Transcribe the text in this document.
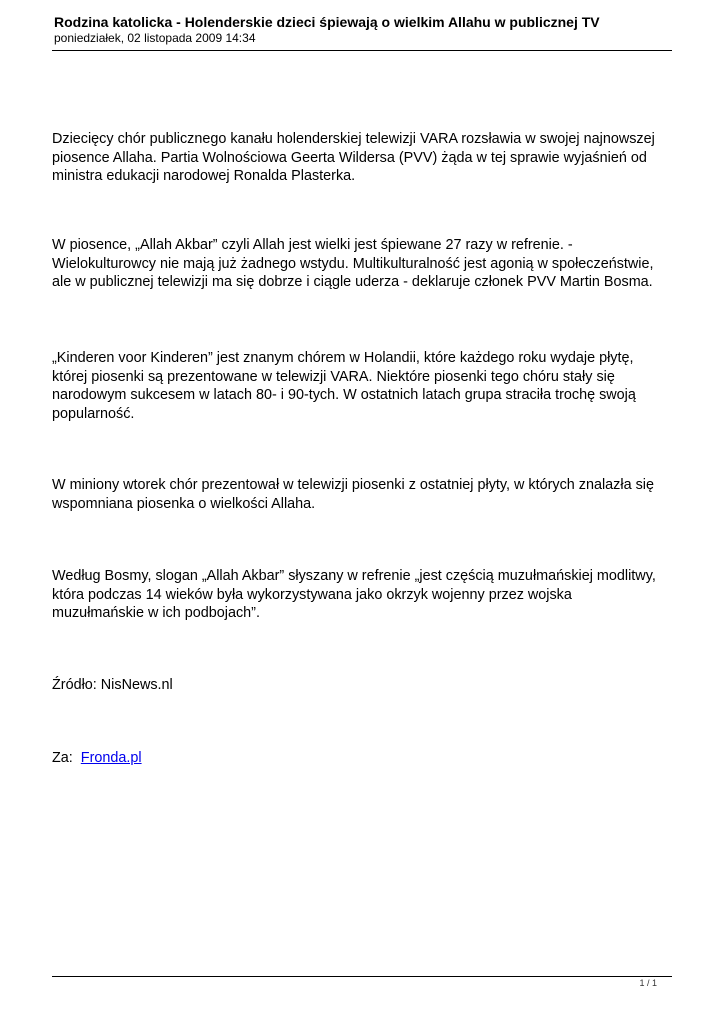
Rodzina katolicka - Holenderskie dzieci śpiewają o wielkim Allahu w publicznej TV
poniedziałek, 02 listopada 2009 14:34

Dziecięcy chór publicznego kanału holenderskiej telewizji VARA rozsławia w swojej najnowszej
piosence Allaha. Partia Wolnościowa Geerta Wildersa (PVV) żąda w tej sprawie wyjaśnień od
ministra edukacji narodowej Ronalda Plasterka.

W piosence, „Allah Akbar” czyli Allah jest wielki jest śpiewane 27 razy w refrenie. -
Wielokulturowcy nie mają już żadnego wstydu. Multikulturalność jest agonią w społeczeństwie,
ale w publicznej telewizji ma się dobrze i ciągle uderza - deklaruje członek PVV Martin Bosma.

„Kinderen voor Kinderen” jest znanym chórem w Holandii, które każdego roku wydaje płytę,
której piosenki są prezentowane w telewizji VARA. Niektóre piosenki tego chóru stały się
narodowym sukcesem w latach 80- i 90-tych. W ostatnich latach grupa straciła trochę swoją
popularność.

W miniony wtorek chór prezentował w telewizji piosenki z ostatniej płyty, w których znalazła się
wspomniana piosenka o wielkości Allaha.

Według Bosmy, slogan „Allah Akbar” słyszany w refrenie „jest częścią muzułmańskiej modlitwy,
która podczas 14 wieków była wykorzystywana jako okrzyk wojenny przez wojska
muzułmańskie w ich podbojach”.

Źródło: NisNews.nl

Za: Fronda.pl

1 / 1
